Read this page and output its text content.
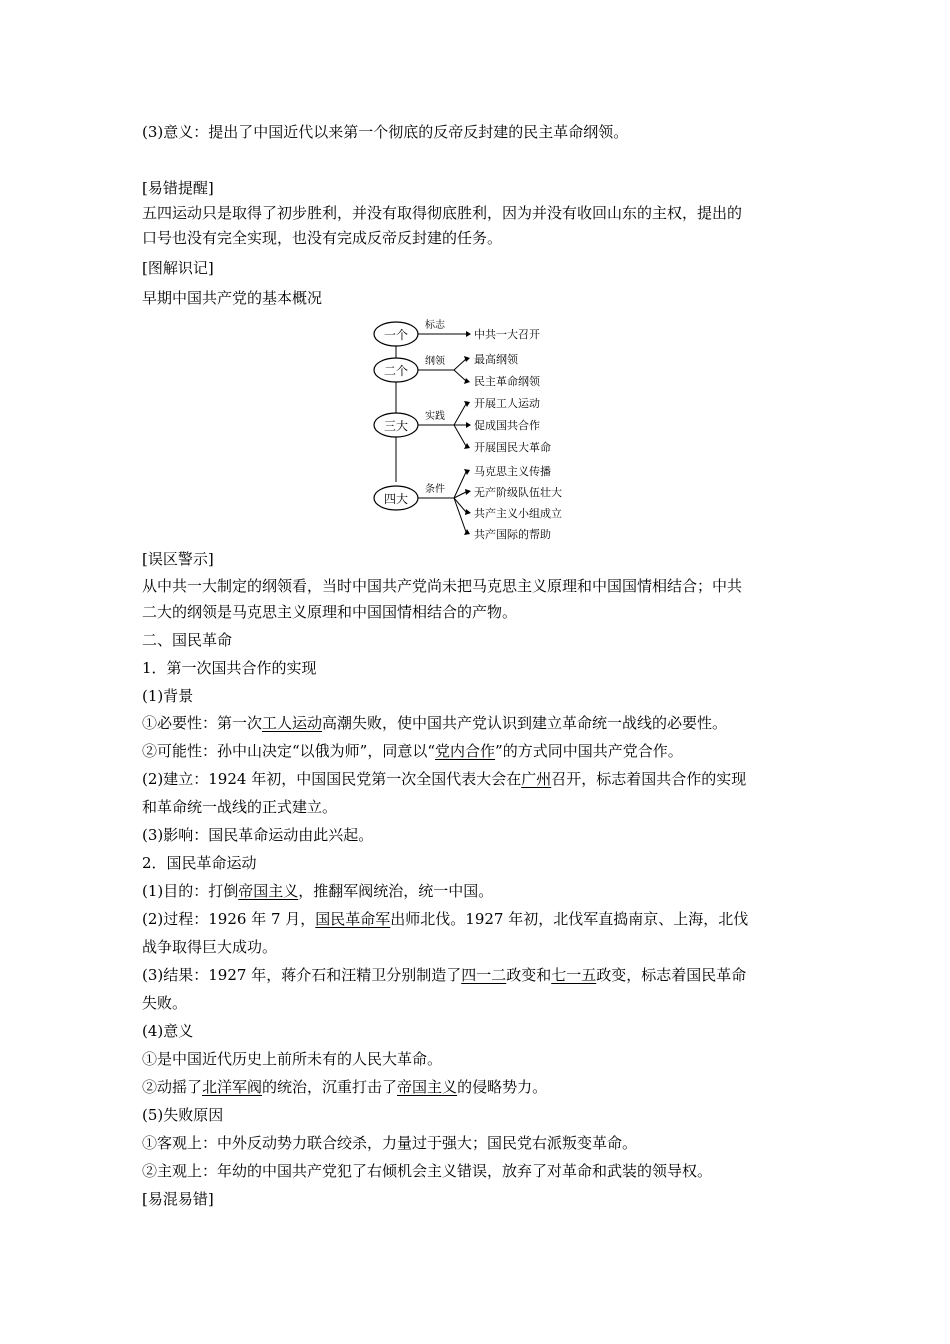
(3)意义：提出了中国近代以来第一个彻底的反帝反封建的民主革命纲领。
[易错提醒]
五四运动只是取得了初步胜利，并没有取得彻底胜利，因为并没有收回山东的主权，提出的
口号也没有完全实现，也没有完成反帝反封建的任务。
[图解识记]
早期中国共产党的基本概况
一个
标志
中共一大召开
二个
纲领	最高纲领
民主革命纲领
三大
实践
开展工人运动
促成国共合作
开展国民大革命
四大
条件
马克思主义传播
无产阶级队伍壮大
共产主义小组成立
共产国际的帮助
[误区警示]
从中共一大制定的纲领看，当时中国共产党尚未把马克思主义原理和中国国情相结合；中共
二大的纲领是马克思主义原理和中国国情相结合的产物。
二、国民革命
1．第一次国共合作的实现
(1)背景
①必要性：第一次工人运动高潮失败，使中国共产党认识到建立革命统一战线的必要性。
②可能性：孙中山决定“以俄为师”，同意以“党内合作”的方式同中国共产党合作。
(2)建立：1924 年初，中国国民党第一次全国代表大会在广州召开，标志着国共合作的实现
和革命统一战线的正式建立。
(3)影响：国民革命运动由此兴起。
2．国民革命运动
(1)目的：打倒帝国主义，推翻军阀统治，统一中国。
(2)过程：1926 年 7 月，国民革命军出师北伐。1927 年初，北伐军直捣南京、上海，北伐
战争取得巨大成功。
(3)结果：1927 年，蒋介石和汪精卫分别制造了四一二政变和七一五政变，标志着国民革命
失败。
(4)意义
①是中国近代历史上前所未有的人民大革命。
②动摇了北洋军阀的统治，沉重打击了帝国主义的侵略势力。
(5)失败原因
①客观上：中外反动势力联合绞杀，力量过于强大；国民党右派叛变革命。
②主观上：年幼的中国共产党犯了右倾机会主义错误，放弃了对革命和武装的领导权。
[易混易错]
